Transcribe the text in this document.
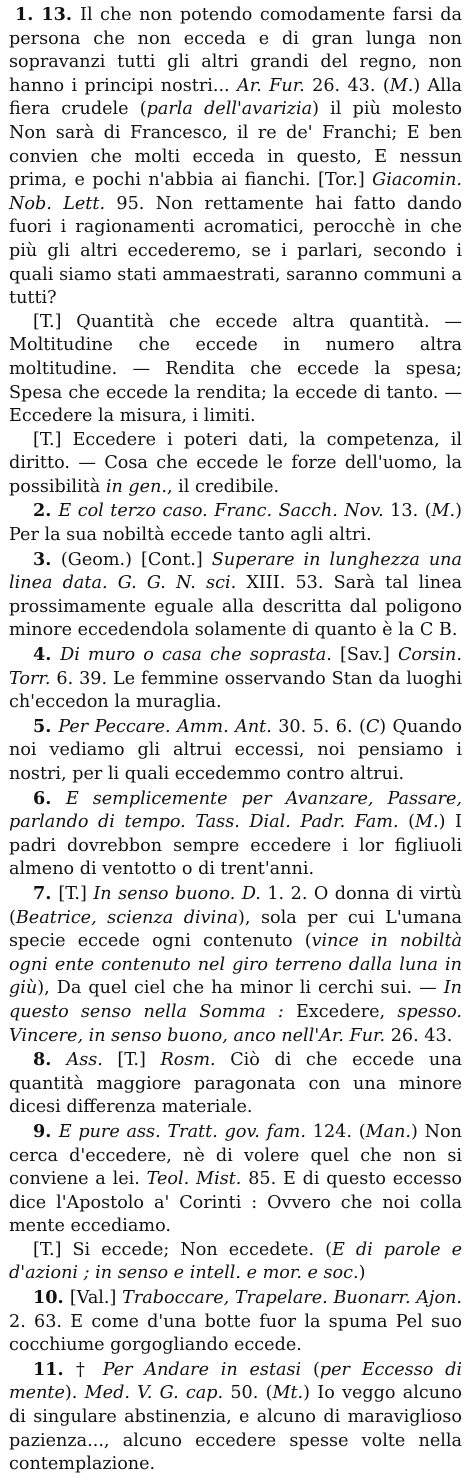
1. 13. Il che non potendo comodamente farsi da persona che non ecceda e di gran lunga non sopravanzi tutti gli altri grandi del regno, non hanno i principi nostri... Ar. Fur. 26. 43. (M.) Alla fiera crudele (parla dell'avarizia) il più molesto Non sarà di Francesco, il re de' Franchi; E ben convien che molti ecceda in questo, E nessun prima, e pochi n'abbia ai fianchi. [Tor.] Giacomin. Nob. Lett. 95. Non rettamente hai fatto dando fuori i ragionamenti acromatici, perocchè in che più gli altri eccederemo, se i parlari, secondo i quali siamo stati ammaestrati, saranno communi a tutti?

[T.] Quantità che eccede altra quantità. — Moltitudine che eccede in numero altra moltitudine. — Rendita che eccede la spesa; Spesa che eccede la rendita; la eccede di tanto. — Eccedere la misura, i limiti.

[T.] Eccedere i poteri dati, la competenza, il diritto. — Cosa che eccede le forze dell'uomo, la possibilità in gen., il credibile.

2. E col terzo caso. Franc. Sacch. Nov. 13. (M.) Per la sua nobiltà eccede tanto agli altri.

3. (Geom.) [Cont.] Superare in lunghezza una linea data. G. G. N. sci. XIII. 53. Sarà tal linea prossimamente eguale alla descritta dal poligono minore eccedendola solamente di quanto è la C B.

4. Di muro o casa che soprasta. [Sav.] Corsin. Torr. 6. 39. Le femmine osservando Stan da luoghi ch'eccedon la muraglia.

5. Per Peccare. Amm. Ant. 30. 5. 6. (C) Quando noi vediamo gli altrui eccessi, noi pensiamo i nostri, per li quali eccedemmo contro altrui.

6. E semplicemente per Avanzare, Passare, parlando di tempo. Tass. Dial. Padr. Fam. (M.) I padri dovrebbon sempre eccedere i lor figliuoli almeno di ventotto o di trent'anni.

7. [T.] In senso buono. D. 1. 2. O donna di virtù (Beatrice, scienza divina), sola per cui L'umana specie eccede ogni contenuto (vince in nobiltà ogni ente contenuto nel giro terreno dalla luna in giù), Da quel ciel che ha minor li cerchi sui. — In questo senso nella Somma : Excedere, spesso. Vincere, in senso buono, anco nell'Ar. Fur. 26. 43.

8. Ass. [T.] Rosm. Ciò di che eccede una quantità maggiore paragonata con una minore dicesi differenza materiale.

9. E pure ass. Tratt. gov. fam. 124. (Man.) Non cerca d'eccedere, nè di volere quel che non si conviene a lei. Teol. Mist. 85. E di questo eccesso dice l'Apostolo a' Corinti : Ovvero che noi colla mente eccediamo.

[T.] Si eccede; Non eccedete. (E di parole e d'azioni ; in senso e intell. e mor. e soc.)

10. [Val.] Traboccare, Trapelare. Buonarr. Ajon. 2. 63. E come d'una botte fuor la spuma Pel suo cocchiume gorgogliando eccede.

11. † Per Andare in estasi (per Eccesso di mente). Med. V. G. cap. 50. (Mt.) Io veggo alcuno di singulare abstinenzia, e alcuno di maraviglioso pazienza..., alcuno eccedere spesse volte nella contemplazione.
